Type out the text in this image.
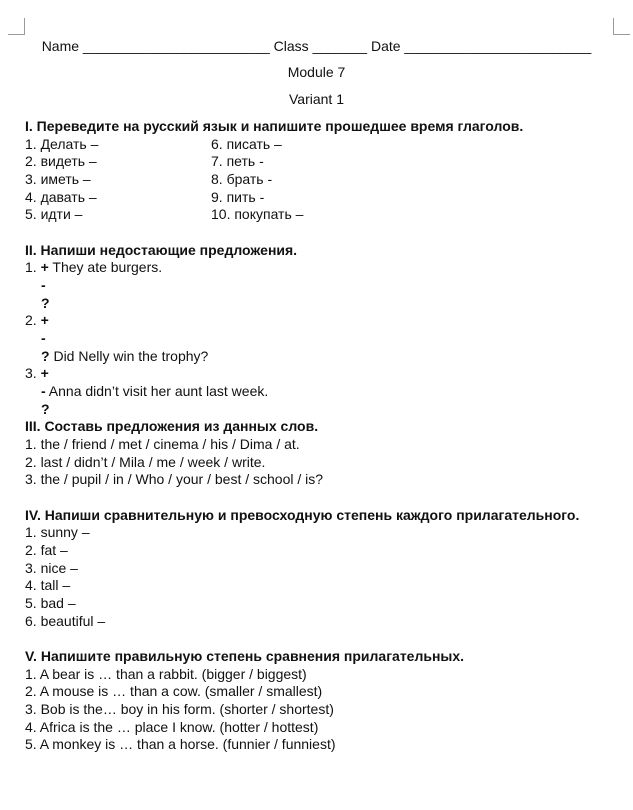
Name ________________________ Class _______ Date ________________________
Module 7
Variant 1
I. Переведите на русский язык и напишите прошедшее время глаголов.
1. Делать –
2. видеть –
3. иметь –
4. давать –
5. идти –
6. писать –
7. петь -
8. брать -
9. пить -
10. покупать –
II. Напиши недостающие предложения.
1. + They ate burgers.
-
?
2. +
-
? Did Nelly win the trophy?
3. +
- Anna didn’t visit her aunt last week.
?
III. Составь предложения из данных слов.
1. the / friend / met / cinema / his / Dima / at.
2. last / didn’t / Mila / me / week / write.
3. the / pupil / in / Who / your / best / school / is?
IV. Напиши сравнительную и превосходную степень каждого прилагательного.
1. sunny –
2. fat –
3. nice –
4. tall –
5. bad –
6. beautiful –
V. Напишите правильную степень сравнения прилагательных.
1. A bear is … than a rabbit. (bigger / biggest)
2. A mouse is … than a cow. (smaller / smallest)
3. Bob is the… boy in his form. (shorter / shortest)
4. Africa is the … place I know. (hotter / hottest)
5. A monkey is … than a horse. (funnier / funniest)
